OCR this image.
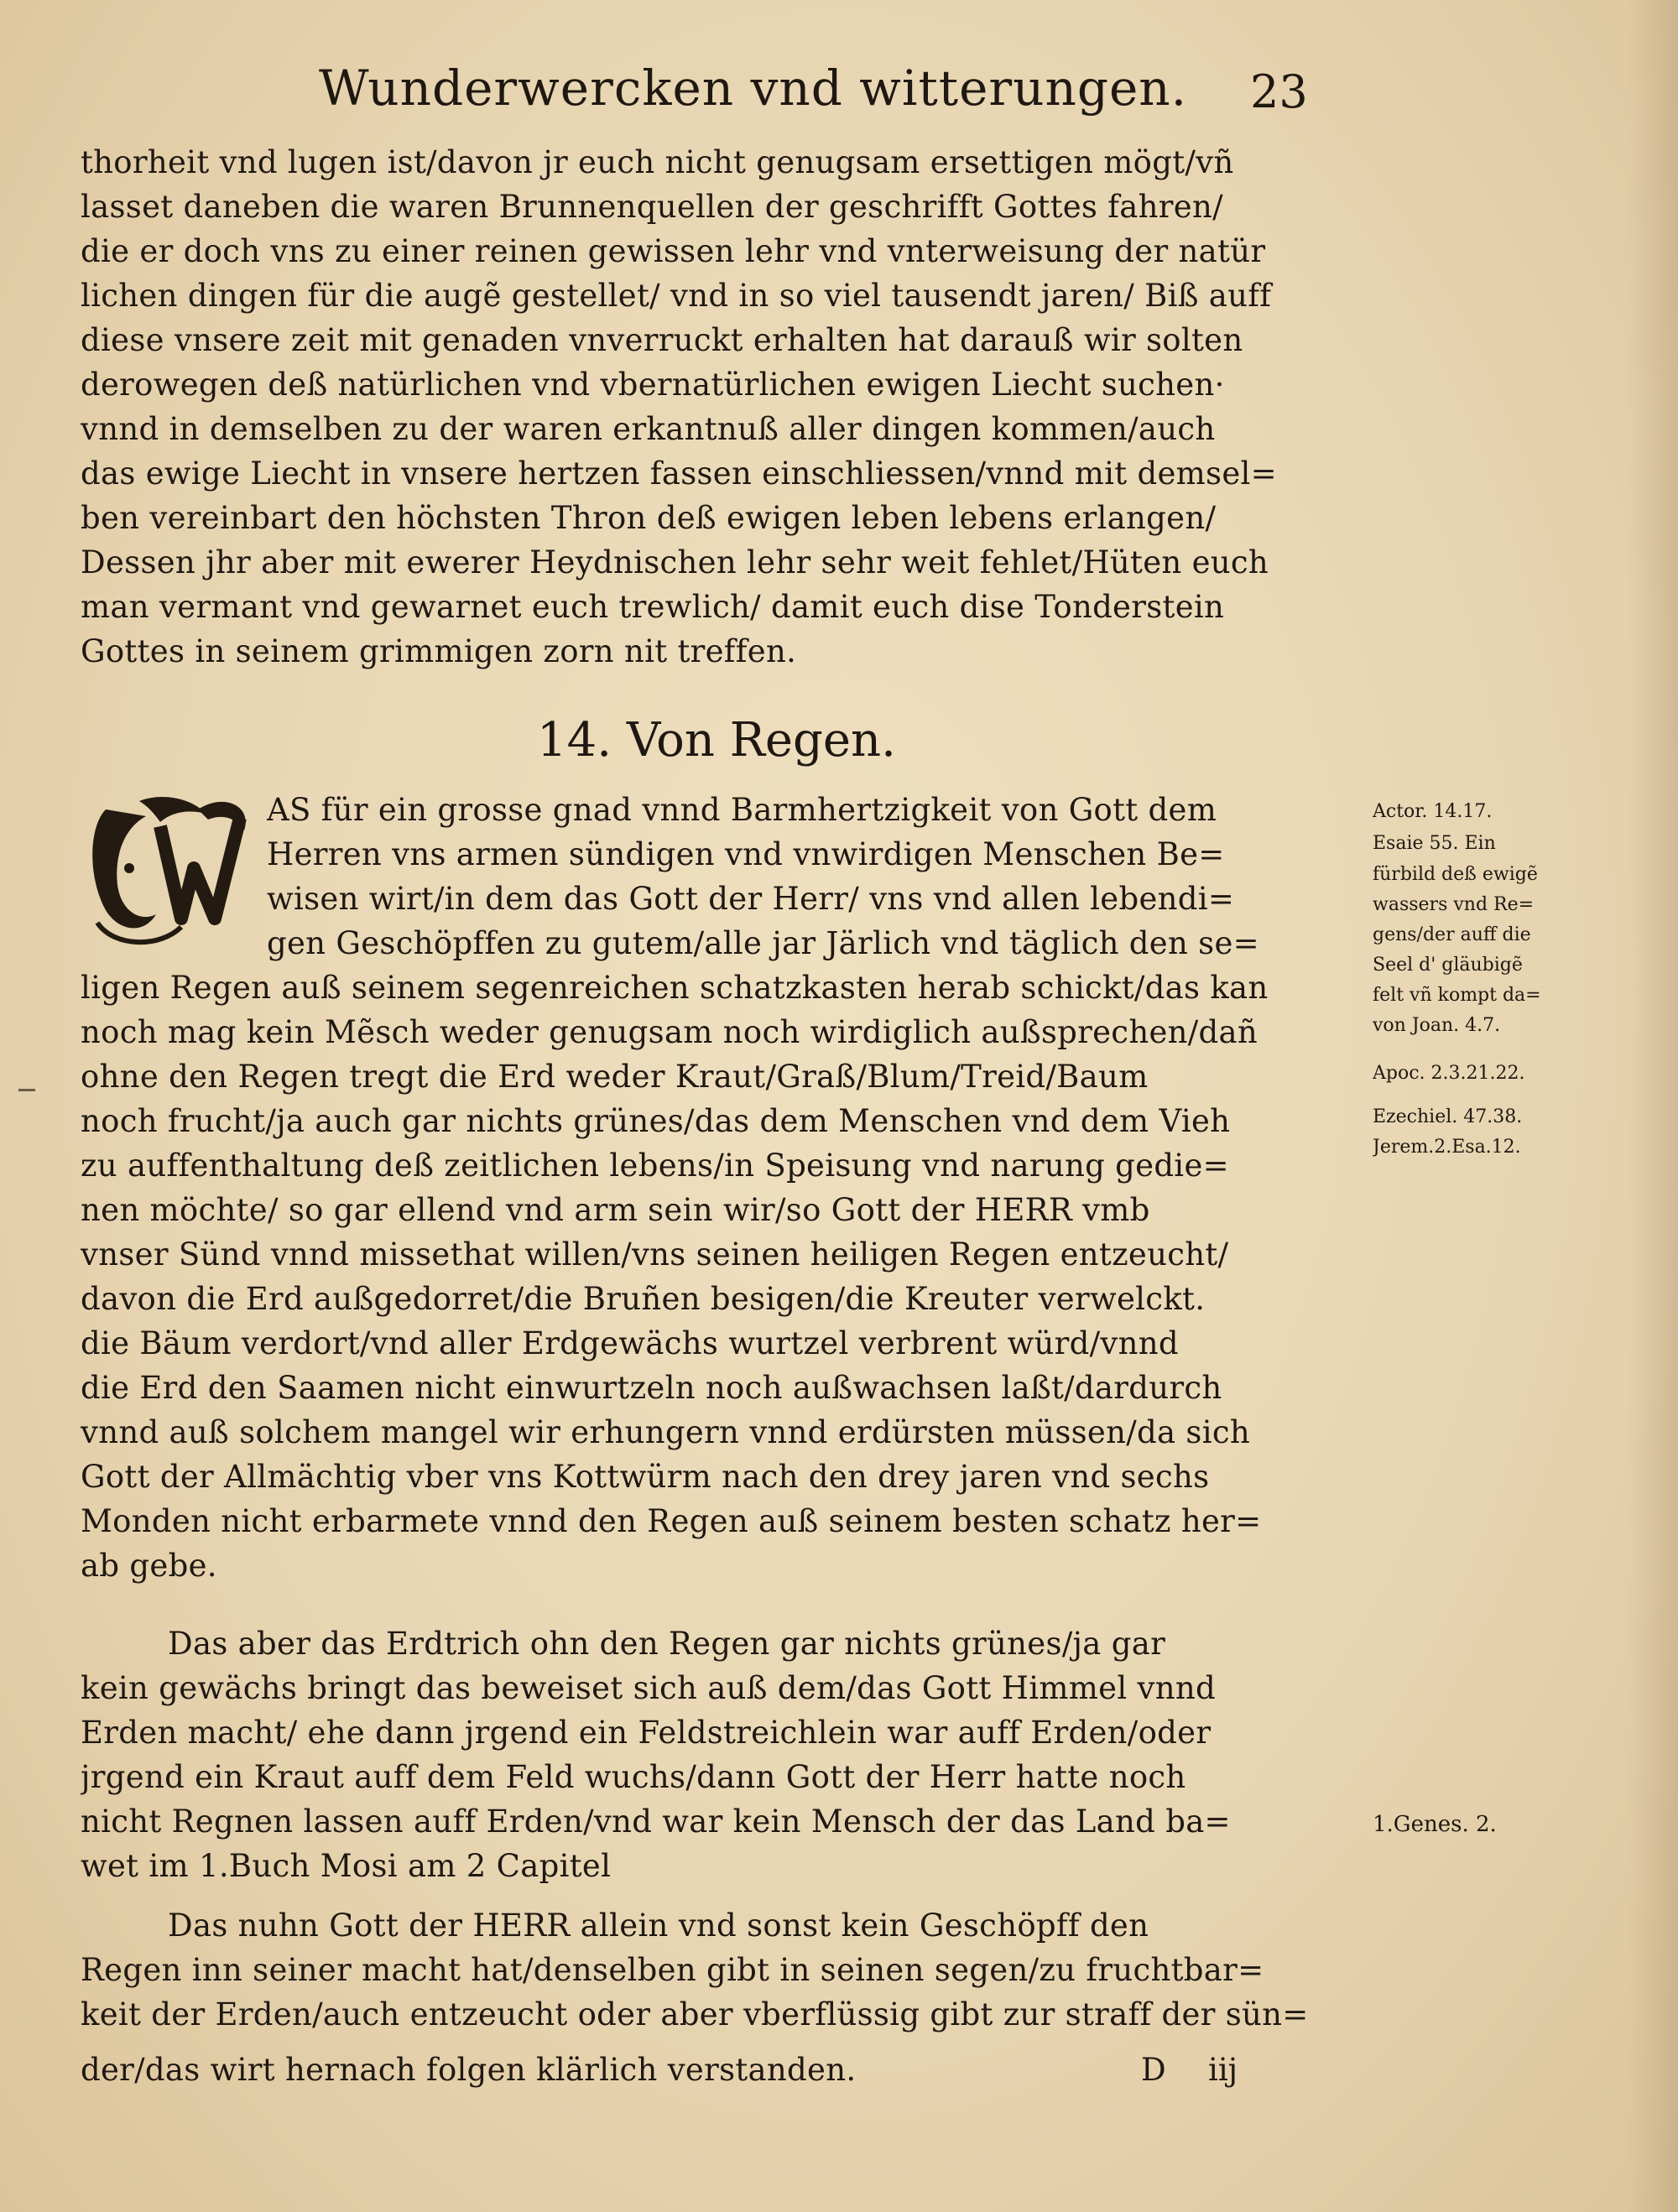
Wunderwercken vnd witterungen. 23
thorheit vnd lugen ist/davon jr euch nicht genugsam ersettigen mögt/vñ
lasset daneben die waren Brunnenquellen der geschrifft Gottes fahren/
die er doch vns zu einer reinen gewissen lehr vnd vnterweisung der natür
lichen dingen für die augẽ gestellet/ vnd in so viel tausendt jaren/ Biß auff
diese vnsere zeit mit genaden vnverruckt erhalten hat darauß wir solten
derowegen deß natürlichen vnd vbernatürlichen ewigen Liecht suchen·
vnnd in demselben zu der waren erkantnuß aller dingen kommen/auch
das ewige Liecht in vnsere hertzen fassen einschliessen/vnnd mit demsel=
ben vereinbart den höchsten Thron deß ewigen leben lebens erlangen/
Dessen jhr aber mit ewerer Heydnischen lehr sehr weit fehlet/Hüten euch
man vermant vnd gewarnet euch trewlich/ damit euch dise Tonderstein
Gottes in seinem grimmigen zorn nit treffen.
14. Von Regen.
AS für ein grosse gnad vnnd Barmhertzigkeit von Gott dem
Herren vns armen sündigen vnd vnwirdigen Menschen Be=
wisen wirt/in dem das Gott der Herr/ vns vnd allen lebendi=
gen Geschöpffen zu gutem/alle jar Järlich vnd täglich den se=
ligen Regen auß seinem segenreichen schatzkasten herab schickt/das kan
noch mag kein Mẽsch weder genugsam noch wirdiglich außsprechen/dañ
ohne den Regen tregt die Erd weder Kraut/Graß/Blum/Treid/Baum
noch frucht/ja auch gar nichts grünes/das dem Menschen vnd dem Vieh
zu auffenthaltung deß zeitlichen lebens/in Speisung vnd narung gedie=
nen möchte/ so gar ellend vnd arm sein wir/so Gott der HERR vmb
vnser Sünd vnnd missethat willen/vns seinen heiligen Regen entzeucht/
davon die Erd außgedorret/die Bruñen besigen/die Kreuter verwelckt.
die Bäum verdort/vnd aller Erdgewächs wurtzel verbrent würd/vnnd
die Erd den Saamen nicht einwurtzeln noch außwachsen laßt/dardurch
vnnd auß solchem mangel wir erhungern vnnd erdürsten müssen/da sich
Gott der Allmächtig vber vns Kottwürm nach den drey jaren vnd sechs
Monden nicht erbarmete vnnd den Regen auß seinem besten schatz her=
ab gebe.
Das aber das Erdtrich ohn den Regen gar nichts grünes/ja gar
kein gewächs bringt das beweiset sich auß dem/das Gott Himmel vnnd
Erden macht/ ehe dann jrgend ein Feldstreichlein war auff Erden/oder
jrgend ein Kraut auff dem Feld wuchs/dann Gott der Herr hatte noch
nicht Regnen lassen auff Erden/vnd war kein Mensch der das Land ba=
wet im 1.Buch Mosi am 2 Capitel
Das nuhn Gott der HERR allein vnd sonst kein Geschöpff den
Regen inn seiner macht hat/denselben gibt in seinen segen/zu fruchtbar=
keit der Erden/auch entzeucht oder aber vberflüssig gibt zur straff der sün=
der/das wirt hernach folgen klärlich verstanden.	D iij
Actor. 14.17.
Esaie 55. Ein
fürbild deß ewigẽ
wassers vnd Re=
gens/der auff die
Seel d' gläubigẽ
felt vñ kompt da=
von Joan. 4.7.
Apoc. 2.3.21.22.
Ezechiel. 47.38.
Jerem.2.Esa.12.
1.Genes. 2.
